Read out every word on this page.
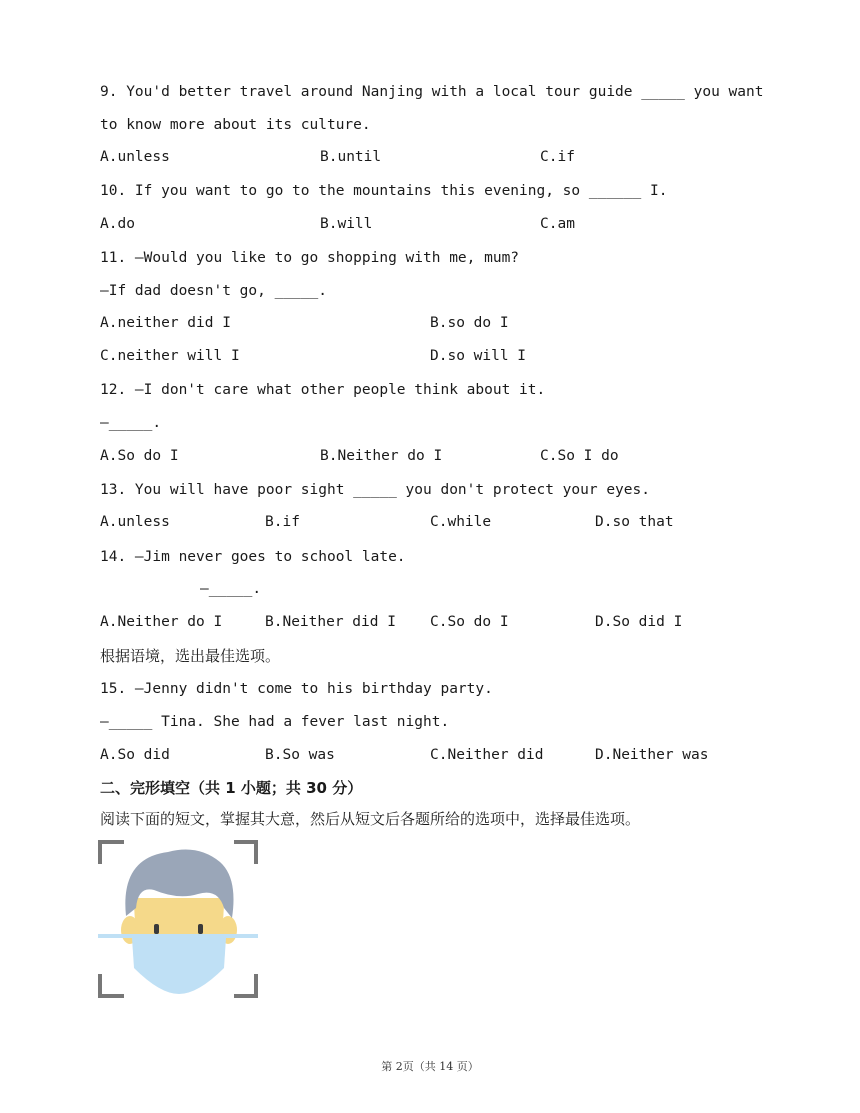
9. You'd better travel around Nanjing with a local tour guide _____ you want
to know more about its culture.
A.unless	B.until	C.if
10. If you want to go to the mountains this evening, so ______ I.
A.do	B.will	C.am
11. —Would you like to go shopping with me, mum?
—If dad doesn't go, _____.
A.neither did I	B.so do I
C.neither will I	D.so will I
12. —I don't care what other people think about it.
—_____.
A.So do I	B.Neither do I	C.So I do
13. You will have poor sight _____ you don't protect your eyes.
A.unless	B.if	C.while	D.so that
14. —Jim never goes to school late.
—_____.
A.Neither do I	B.Neither did I C.So do I	D.So did I
根据语境，选出最佳选项。
15. —Jenny didn't come to his birthday party.
—_____ Tina. She had a fever last night.
A.So did	B.So was	C.Neither did	D.Neither was
二、完形填空（共 1 小题；共 30 分）
阅读下面的短文，掌握其大意，然后从短文后各题所给的选项中，选择最佳选项。
第 2页（共 14 页）
